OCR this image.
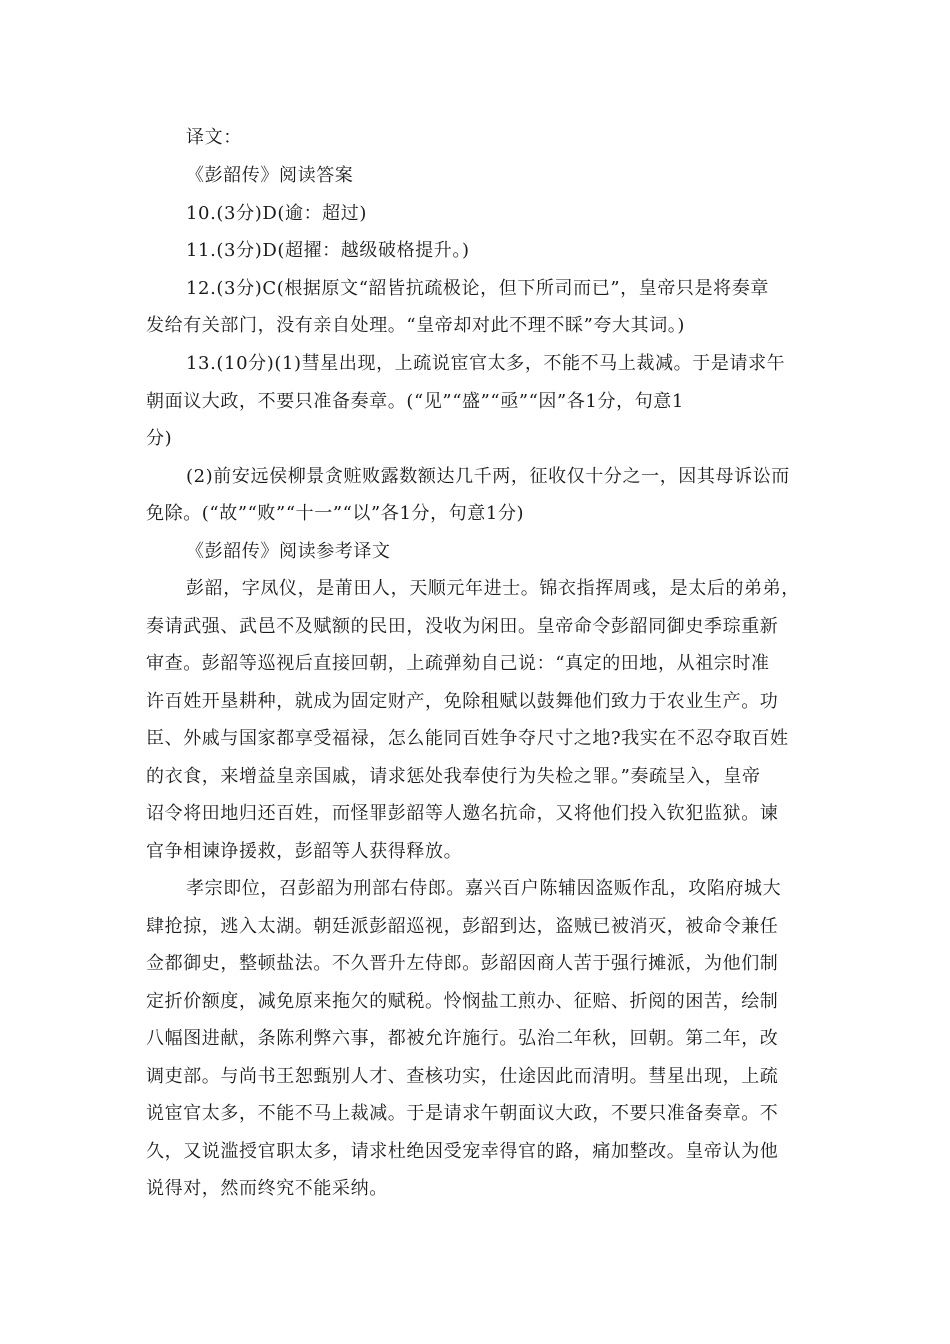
译文：
《彭韶传》阅读答案
10.(3分)D(逾：超过)
11.(3分)D(超擢：越级破格提升。)
12.(3分)C(根据原文“韶皆抗疏极论，但下所司而已”，皇帝只是将奏章
发给有关部门，没有亲自处理。“皇帝却对此不理不睬”夸大其词。)
13.(10分)(1)彗星出现，上疏说宦官太多，不能不马上裁减。于是请求午
朝面议大政，不要只准备奏章。(“见”“盛”“亟”“因”各1分，句意1
分)
(2)前安远侯柳景贪赃败露数额达几千两，征收仅十分之一，因其母诉讼而
免除。(“故”“败”“十一”“以”各1分，句意1分)
《彭韶传》阅读参考译文
彭韶，字凤仪，是莆田人，天顺元年进士。锦衣指挥周彧，是太后的弟弟，
奏请武强、武邑不及赋额的民田，没收为闲田。皇帝命令彭韶同御史季琮重新
审查。彭韶等巡视后直接回朝，上疏弹劾自己说：“真定的田地，从祖宗时准
许百姓开垦耕种，就成为固定财产，免除租赋以鼓舞他们致力于农业生产。功
臣、外戚与国家都享受福禄，怎么能同百姓争夺尺寸之地?我实在不忍夺取百姓
的衣食，来增益皇亲国戚，请求惩处我奉使行为失检之罪。”奏疏呈入，皇帝
诏令将田地归还百姓，而怪罪彭韶等人邀名抗命，又将他们投入钦犯监狱。谏
官争相谏诤援救，彭韶等人获得释放。
孝宗即位，召彭韶为刑部右侍郎。嘉兴百户陈辅因盗贩作乱，攻陷府城大
肆抢掠，逃入太湖。朝廷派彭韶巡视，彭韶到达，盗贼已被消灭，被命令兼任
佥都御史，整顿盐法。不久晋升左侍郎。彭韶因商人苦于强行摊派，为他们制
定折价额度，减免原来拖欠的赋税。怜悯盐工煎办、征赔、折阅的困苦，绘制
八幅图进献，条陈利弊六事，都被允许施行。弘治二年秋，回朝。第二年，改
调吏部。与尚书王恕甄别人才、查核功实，仕途因此而清明。彗星出现，上疏
说宦官太多，不能不马上裁减。于是请求午朝面议大政，不要只准备奏章。不
久，又说滥授官职太多，请求杜绝因受宠幸得官的路，痛加整改。皇帝认为他
说得对，然而终究不能采纳。
